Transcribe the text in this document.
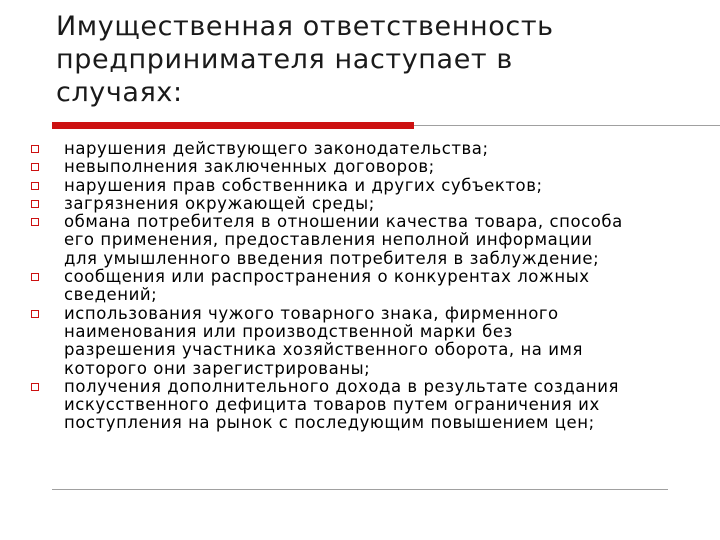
Имущественная ответственность
предпринимателя наступает в
случаях:
нарушения действующего законодательства;
невыполнения заключенных договоров;
нарушения прав собственника и других субъектов;
загрязнения окружающей среды;
обмана потребителя в отношении качества товара, способа
его применения, предоставления неполной информации
для умышленного введения потребителя в заблуждение;
сообщения или распространения о конкурентах ложных
сведений;
использования чужого товарного знака, фирменного
наименования или производственной марки без
разрешения участника хозяйственного оборота, на имя
которого они зарегистрированы;
получения дополнительного дохода в результате создания
искусственного дефицита товаров путем ограничения их
поступления на рынок с последующим повышением цен;
